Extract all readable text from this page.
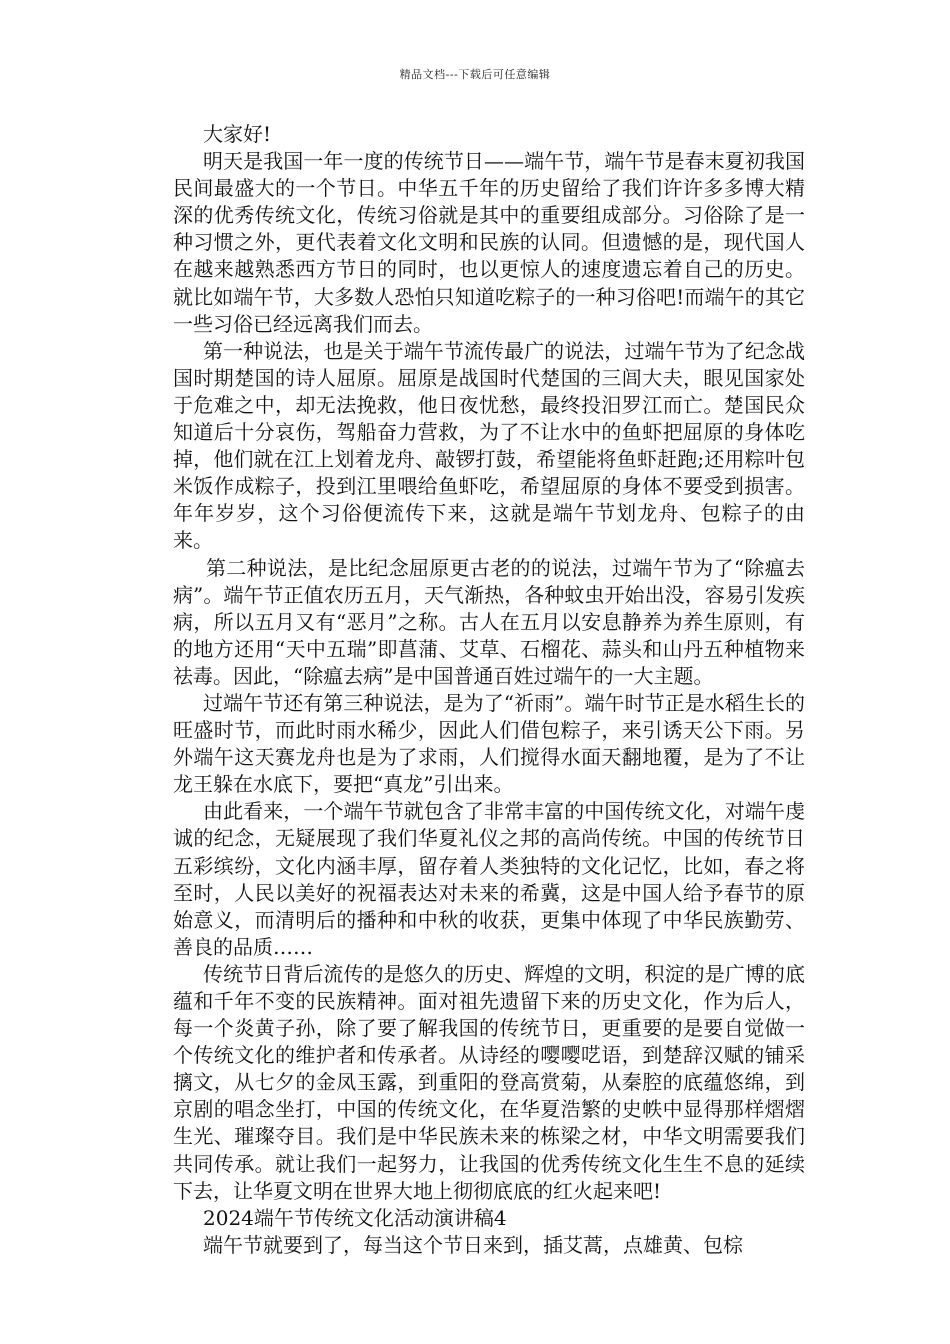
精品文档---下载后可任意编辑

大家好!

明天是我国一年一度的传统节日——端午节，端午节是春末夏初我国民间最盛大的一个节日。中华五千年的历史留给了我们许许多多博大精深的优秀传统文化，传统习俗就是其中的重要组成部分。习俗除了是一种习惯之外，更代表着文化文明和民族的认同。但遗憾的是，现代国人在越来越熟悉西方节日的同时，也以更惊人的速度遗忘着自己的历史。就比如端午节，大多数人恐怕只知道吃粽子的一种习俗吧!而端午的其它一些习俗已经远离我们而去。

第一种说法，也是关于端午节流传最广的说法，过端午节为了纪念战国时期楚国的诗人屈原。屈原是战国时代楚国的三闾大夫，眼见国家处于危难之中，却无法挽救，他日夜忧愁，最终投汨罗江而亡。楚国民众知道后十分哀伤，驾船奋力营救，为了不让水中的鱼虾把屈原的身体吃掉，他们就在江上划着龙舟、敲锣打鼓，希望能将鱼虾赶跑;还用粽叶包米饭作成粽子，投到江里喂给鱼虾吃，希望屈原的身体不要受到损害。年年岁岁，这个习俗便流传下来，这就是端午节划龙舟、包粽子的由来。

第二种说法，是比纪念屈原更古老的的说法，过端午节为了“除瘟去病”。端午节正值农历五月，天气渐热，各种蚊虫开始出没，容易引发疾病，所以五月又有“恶月”之称。古人在五月以安息静养为养生原则，有的地方还用“天中五瑞”即菖蒲、艾草、石榴花、蒜头和山丹五种植物来祛毒。因此，“除瘟去病”是中国普通百姓过端午的一大主题。

过端午节还有第三种说法，是为了“祈雨”。端午时节正是水稻生长的旺盛时节，而此时雨水稀少，因此人们借包粽子，来引诱天公下雨。另外端午这天赛龙舟也是为了求雨，人们搅得水面天翻地覆，是为了不让龙王躲在水底下，要把“真龙”引出来。

由此看来，一个端午节就包含了非常丰富的中国传统文化，对端午虔诚的纪念，无疑展现了我们华夏礼仪之邦的高尚传统。中国的传统节日五彩缤纷，文化内涵丰厚，留存着人类独特的文化记忆，比如，春之将至时，人民以美好的祝福表达对未来的希冀，这是中国人给予春节的原始意义，而清明后的播种和中秋的收获，更集中体现了中华民族勤劳、善良的品质……

传统节日背后流传的是悠久的历史、辉煌的文明，积淀的是广博的底蕴和千年不变的民族精神。面对祖先遗留下来的历史文化，作为后人，每一个炎黄子孙，除了要了解我国的传统节日，更重要的是要自觉做一个传统文化的维护者和传承者。从诗经的嘤嘤呓语，到楚辞汉赋的铺采摛文，从七夕的金凤玉露，到重阳的登高赏菊，从秦腔的底蕴悠绵，到京剧的唱念坐打，中国的传统文化，在华夏浩繁的史帙中显得那样熠熠生光、璀璨夺目。我们是中华民族未来的栋梁之材，中华文明需要我们共同传承。就让我们一起努力，让我国的优秀传统文化生生不息的延续下去，让华夏文明在世界大地上彻彻底底的红火起来吧!

2024端午节传统文化活动演讲稿4

端午节就要到了，每当这个节日来到，插艾蒿，点雄黄、包棕
